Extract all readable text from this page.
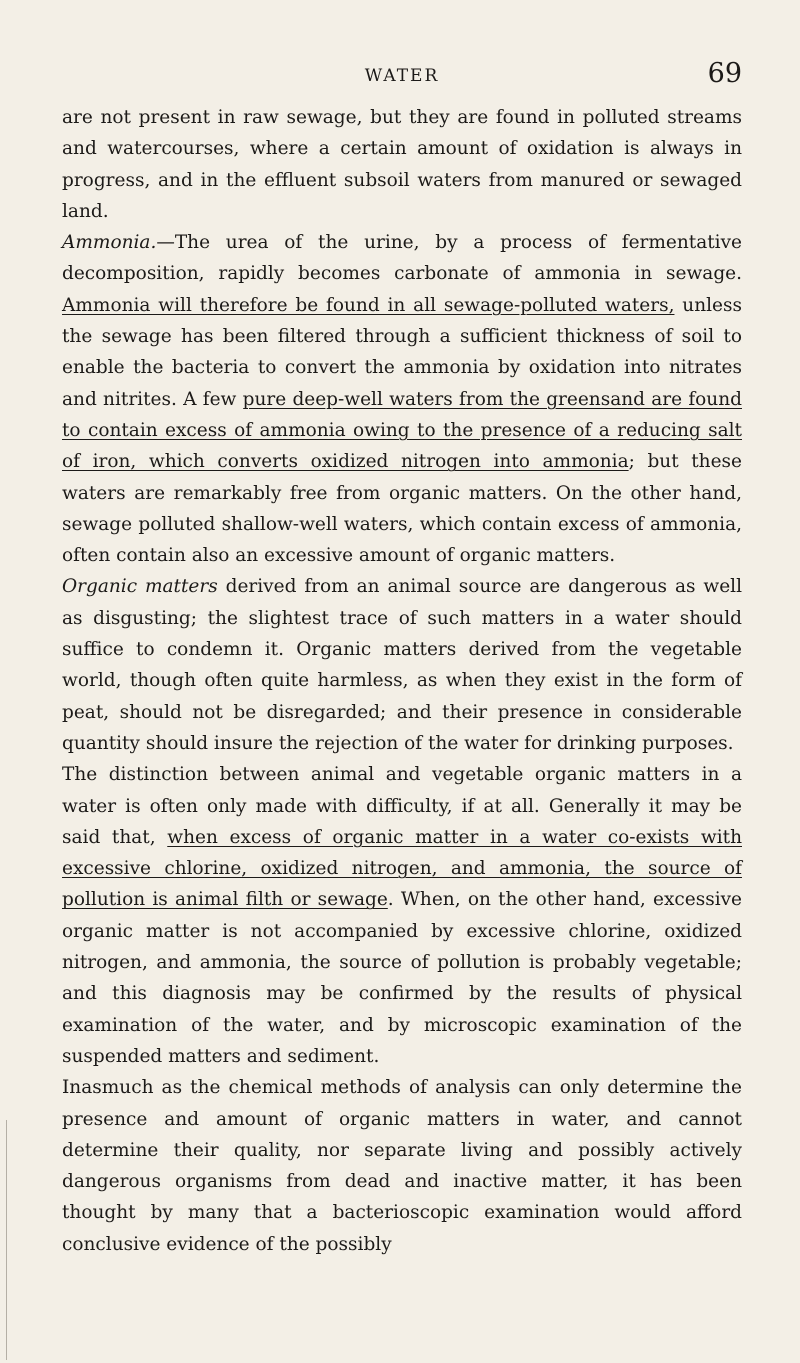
WATER	69

are not present in raw sewage, but they are found in polluted streams and watercourses, where a certain amount of oxidation is always in progress, and in the effluent subsoil waters from manured or sewaged land.

Ammonia.—The urea of the urine, by a process of fermentative decomposition, rapidly becomes carbonate of ammonia in sewage. Ammonia will therefore be found in all sewage-polluted waters, unless the sewage has been filtered through a sufficient thickness of soil to enable the bacteria to convert the ammonia by oxidation into nitrates and nitrites. A few pure deep-well waters from the greensand are found to contain excess of ammonia owing to the presence of a reducing salt of iron, which converts oxidized nitrogen into ammonia; but these waters are remarkably free from organic matters. On the other hand, sewage polluted shallow-well waters, which contain excess of ammonia, often contain also an excessive amount of organic matters.

Organic matters derived from an animal source are dangerous as well as disgusting; the slightest trace of such matters in a water should suffice to condemn it. Organic matters derived from the vegetable world, though often quite harmless, as when they exist in the form of peat, should not be disregarded; and their presence in considerable quantity should insure the rejection of the water for drinking purposes.

The distinction between animal and vegetable organic matters in a water is often only made with difficulty, if at all. Generally it may be said that, when excess of organic matter in a water co-exists with excessive chlorine, oxidized nitrogen, and ammonia, the source of pollution is animal filth or sewage. When, on the other hand, excessive organic matter is not accompanied by excessive chlorine, oxidized nitrogen, and ammonia, the source of pollution is probably vegetable; and this diagnosis may be confirmed by the results of physical examination of the water, and by microscopic examination of the suspended matters and sediment.

Inasmuch as the chemical methods of analysis can only determine the presence and amount of organic matters in water, and cannot determine their quality, nor separate living and possibly actively dangerous organisms from dead and inactive matter, it has been thought by many that a bacterioscopic examination would afford conclusive evidence of the possibly
